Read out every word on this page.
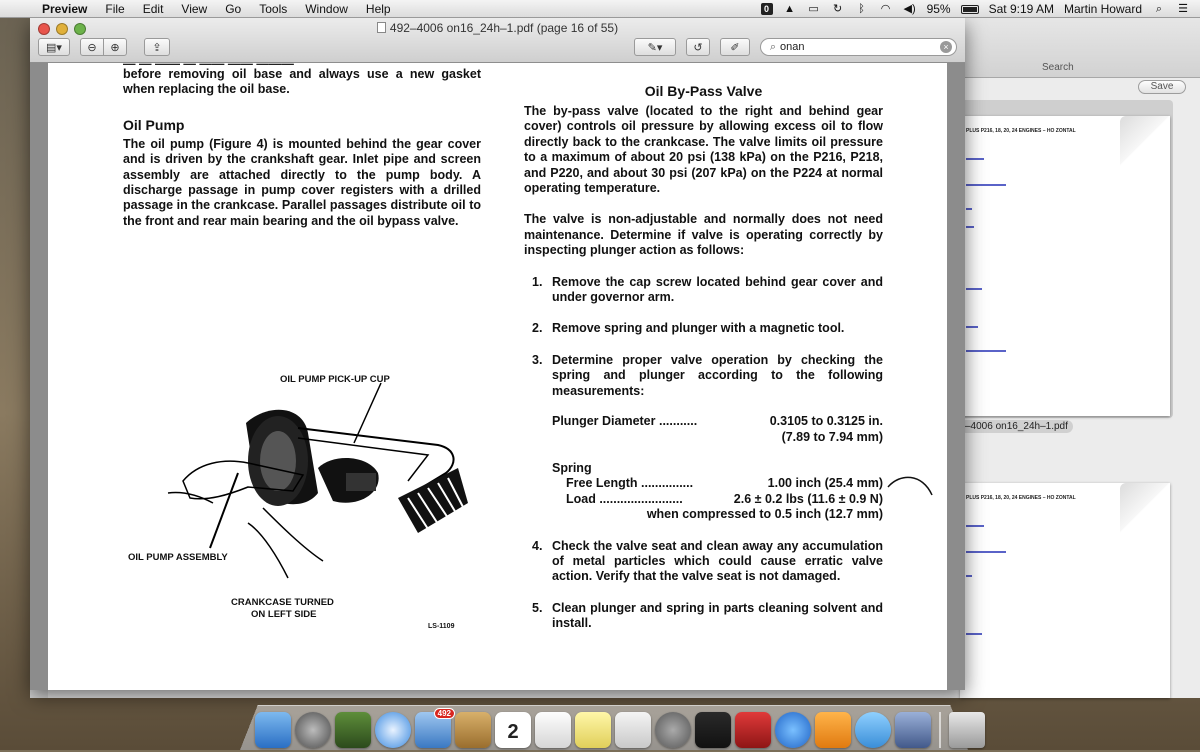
Preview File Edit View Go Tools Window Help	0	▲ ▭ ↻	ᛒ	◠ ◀) 95%	Sat 9:19 AM Martin Howard	⌕	☰
Search
Save
PLUS P216, 18, 20, 24 ENGINES – HO ZONTAL
–4006 on16_24h–1.pdf
PLUS P216, 18, 20, 24 ENGINES – HO ZONTAL
492–4006 on16_24h–1.pdf (page 16 of 55)
▤▾	⊖	⊕	⇪	✎▾	↺	✐	⌕ onan	×
— — —— — —— —— ———
before removing oil base and always use a new gasket when replacing the oil base.
Oil Pump
The oil pump (Figure 4) is mounted behind the gear cover and is driven by the crankshaft gear. Inlet pipe and screen assembly are attached directly to the pump body. A discharge passage in pump cover registers with a drilled passage in the crankcase. Parallel passages distribute oil to the front and rear main bearing and the oil bypass valve.
OIL PUMP PICK-UP CUP
OIL PUMP ASSEMBLY
CRANKCASE TURNED
ON LEFT SIDE
LS-1109
Oil By-Pass Valve
The by-pass valve (located to the right and behind gear cover) controls oil pressure by allowing excess oil to flow directly back to the crankcase. The valve limits oil pressure to a maximum of about 20 psi (138 kPa) on the P216, P218, and P220, and about 30 psi (207 kPa) on the P224 at normal operating temperature.
The valve is non-adjustable and normally does not need maintenance. Determine if valve is operating correctly by inspecting plunger action as follows:
1. Remove the cap screw located behind gear cover and under governor arm.
2. Remove spring and plunger with a magnetic tool.
3. Determine proper valve operation by checking the spring and plunger according to the following measurements:
Plunger Diameter ...........	0.3105 to 0.3125 in.
(7.89 to 7.94 mm)
Spring
Free Length ...............	1.00 inch (25.4 mm)
Load ........................	2.6 ± 0.2 lbs (11.6 ± 0.9 N)
when compressed to 0.5 inch (12.7 mm)
4. Check the valve seat and clean away any accumulation of metal particles which could cause erratic valve action. Verify that the valve seat is not damaged.
5. Clean plunger and spring in parts cleaning solvent and install.
492
2
